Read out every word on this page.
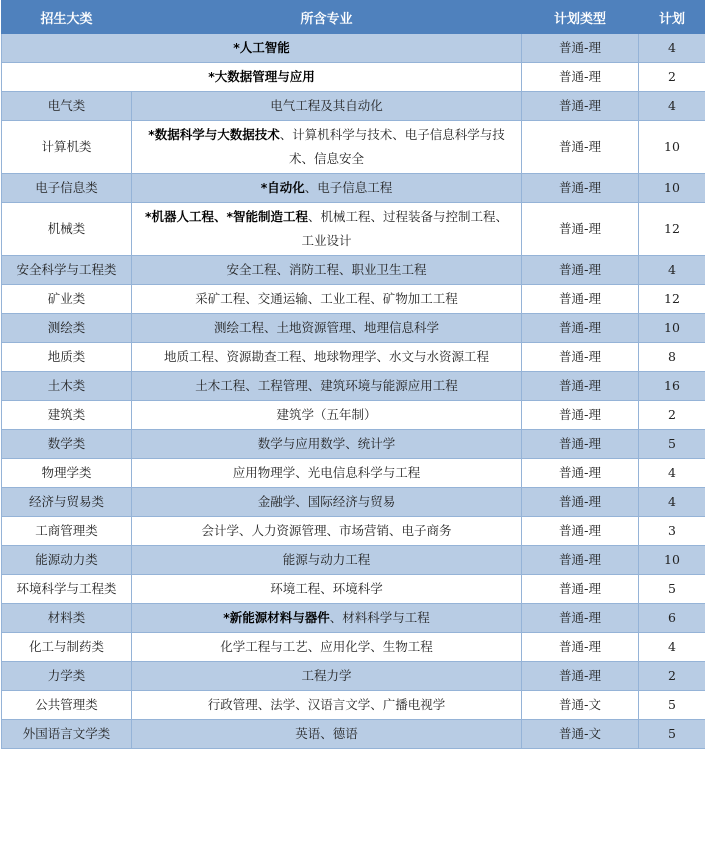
招生大类	所含专业	计划类型	计划
*人工智能		普通-理	4
*大数据管理与应用		普通-理	2
电气类	电气工程及其自动化	普通-理	4
计算机类	*数据科学与大数据技术、计算机科学与技术、电子信息科学与技术、信息安全	普通-理	10
电子信息类	*自动化、电子信息工程	普通-理	10
机械类	*机器人工程、*智能制造工程、机械工程、过程装备与控制工程、工业设计	普通-理	12
安全科学与工程类	安全工程、消防工程、职业卫生工程	普通-理	4
矿业类	采矿工程、交通运输、工业工程、矿物加工工程	普通-理	12
测绘类	测绘工程、土地资源管理、地理信息科学	普通-理	10
地质类	地质工程、资源勘查工程、地球物理学、水文与水资源工程	普通-理	8
土木类	土木工程、工程管理、建筑环境与能源应用工程	普通-理	16
建筑类	建筑学（五年制）	普通-理	2
数学类	数学与应用数学、统计学	普通-理	5
物理学类	应用物理学、光电信息科学与工程	普通-理	4
经济与贸易类	金融学、国际经济与贸易	普通-理	4
工商管理类	会计学、人力资源管理、市场营销、电子商务	普通-理	3
能源动力类	能源与动力工程	普通-理	10
环境科学与工程类	环境工程、环境科学	普通-理	5
材料类	*新能源材料与器件、材料科学与工程	普通-理	6
化工与制药类	化学工程与工艺、应用化学、生物工程	普通-理	4
力学类	工程力学	普通-理	2
公共管理类	行政管理、法学、汉语言文学、广播电视学	普通-文	5
外国语言文学类	英语、德语	普通-文	5
